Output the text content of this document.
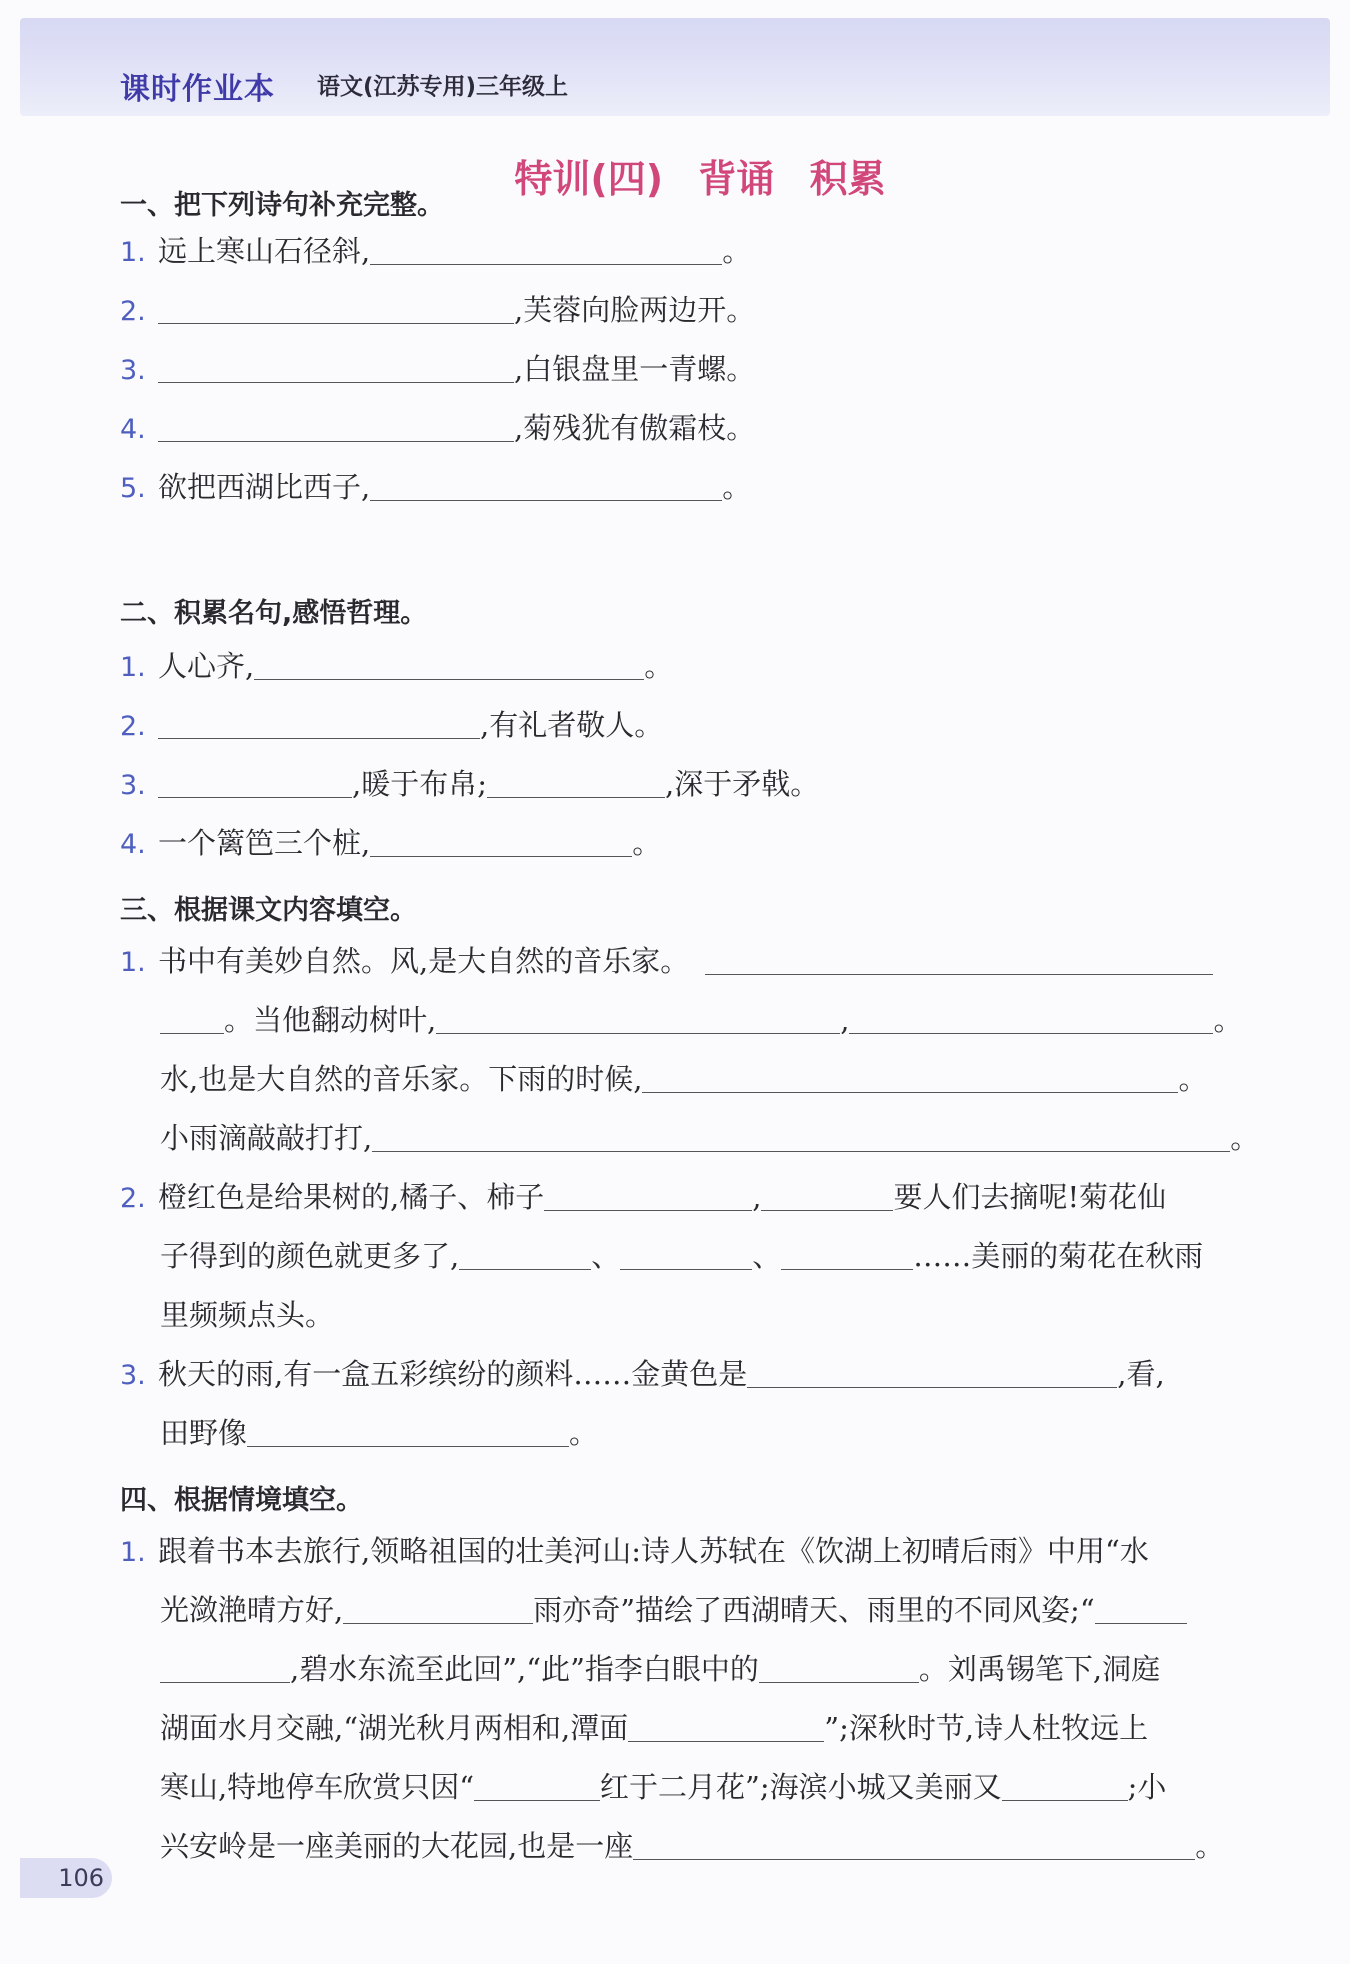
课时作业本 语文(江苏专用)三年级上
特训(四) 背诵 积累
一、把下列诗句补充完整。
1. 远上寒山石径斜,	。
2.	,芙蓉向脸两边开。
3.	,白银盘里一青螺。
4.	,菊残犹有傲霜枝。
5. 欲把西湖比西子,	。
二、积累名句,感悟哲理。
1. 人心齐,	。
2.	,有礼者敬人。
3.	,暖于布帛;	,深于矛戟。
4. 一个篱笆三个桩,	。
三、根据课文内容填空。
1. 书中有美妙自然。风,是大自然的音乐家。
。当他翻动树叶,	,	。
水,也是大自然的音乐家。下雨的时候,	。
小雨滴敲敲打打,	。
2. 橙红色是给果树的,橘子、柿子	,	要人们去摘呢!菊花仙
子得到的颜色就更多了,	、	、	……美丽的菊花在秋雨
里频频点头。
3. 秋天的雨,有一盒五彩缤纷的颜料……金黄色是	,看,
田野像	。
四、根据情境填空。
1. 跟着书本去旅行,领略祖国的壮美河山:诗人苏轼在《饮湖上初晴后雨》中用“水
光潋滟晴方好,	雨亦奇”描绘了西湖晴天、雨里的不同风姿;“
,碧水东流至此回”,“此”指李白眼中的	。刘禹锡笔下,洞庭
湖面水月交融,“湖光秋月两相和,潭面	”;深秋时节,诗人杜牧远上
寒山,特地停车欣赏只因“	红于二月花”;海滨小城又美丽又	;小
兴安岭是一座美丽的大花园,也是一座	。
106
